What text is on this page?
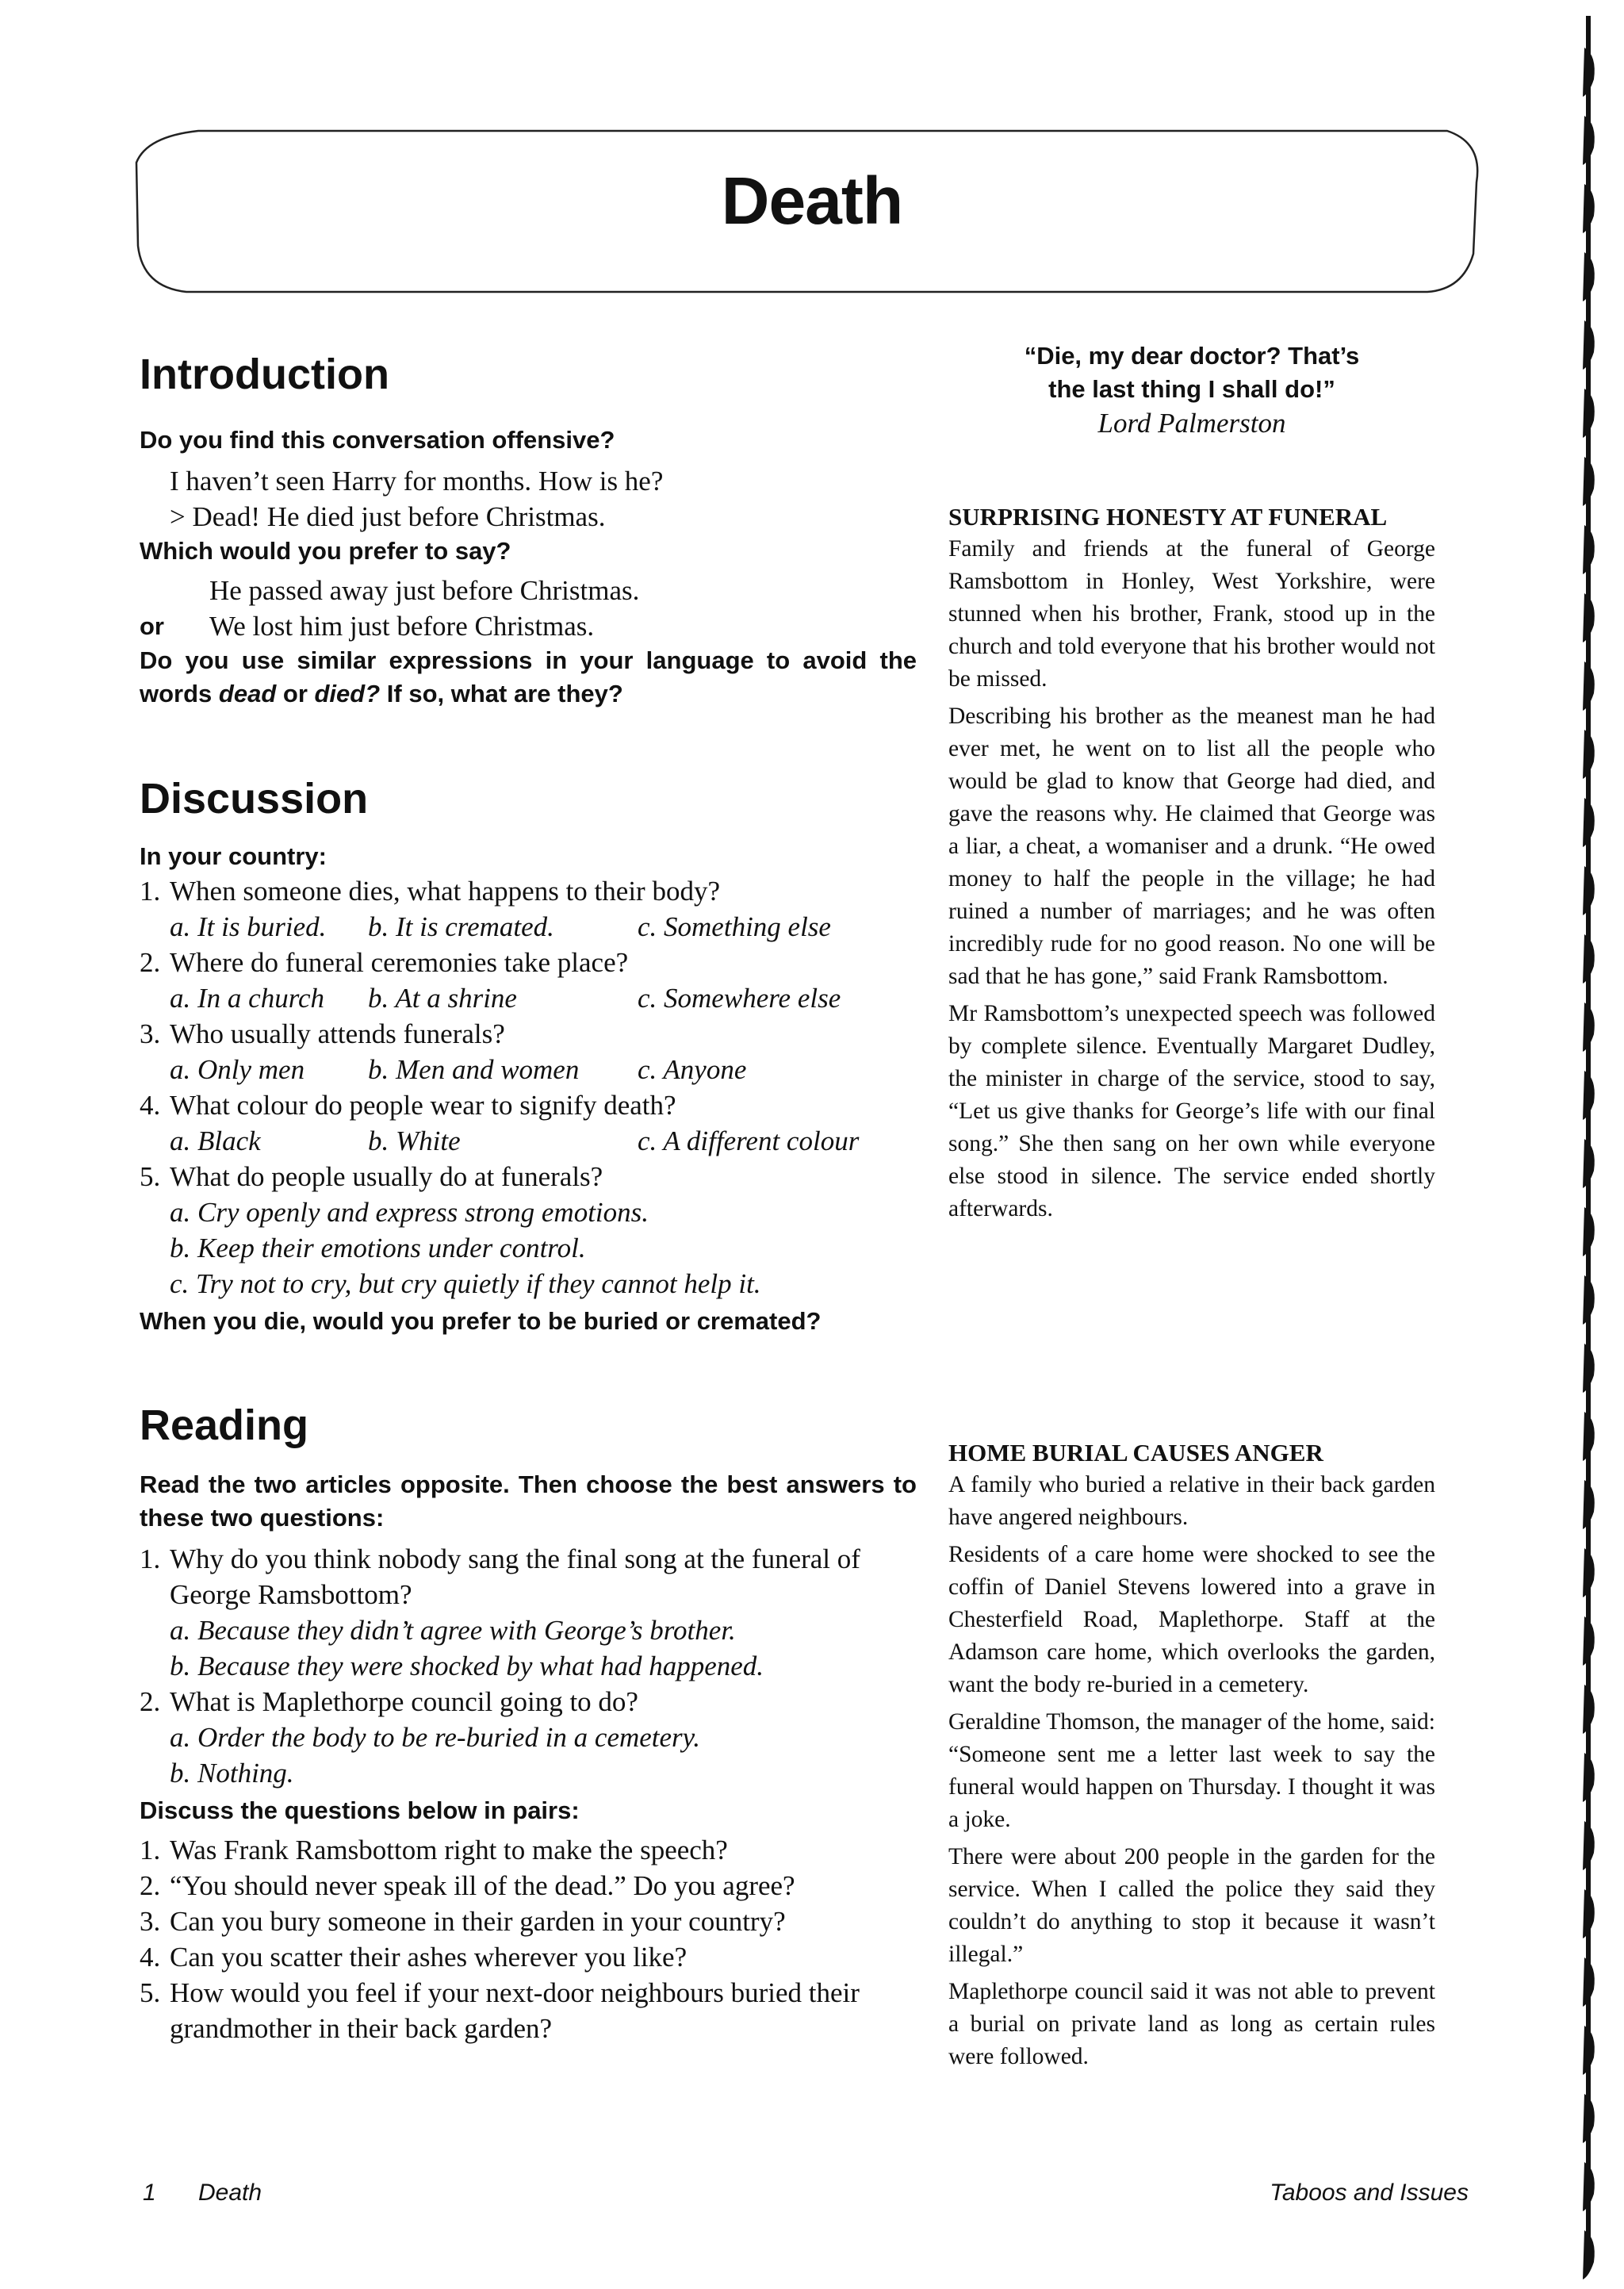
Death
Introduction

Do you find this conversation offensive?

I haven’t seen Harry for months. How is he?

> Dead! He died just before Christmas.

Which would you prefer to say?

He passed away just before Christmas.

or	We lost him just before Christmas.

Do you use similar expressions in your language to avoid the words dead or died? If so, what are they?

Discussion

In your country:

1. When someone dies, what happens to their body?
a. It is buried.	b. It is cremated.	c. Something else
2. Where do funeral ceremonies take place?
a. In a church	b. At a shrine	c. Somewhere else
3. Who usually attends funerals?
a. Only men	b. Men and women	c. Anyone
4. What colour do people wear to signify death?
a. Black	b. White	c. A different colour
5. What do people usually do at funerals?
a. Cry openly and express strong emotions.
b. Keep their emotions under control.
c. Try not to cry, but cry quietly if they cannot help it.

When you die, would you prefer to be buried or cremated?

Reading

Read the two articles opposite. Then choose the best answers to these two questions:

1. Why do you think nobody sang the final song at the funeral of George Ramsbottom?
a. Because they didn’t agree with George’s brother.
b. Because they were shocked by what had happened.
2. What is Maplethorpe council going to do?
a. Order the body to be re-buried in a cemetery.
b. Nothing.

Discuss the questions below in pairs:

1. Was Frank Ramsbottom right to make the speech?
2. “You should never speak ill of the dead.” Do you agree?
3. Can you bury someone in their garden in your country?
4. Can you scatter their ashes wherever you like?
5. How would you feel if your next-door neighbours buried their grandmother in their back garden?
“Die, my dear doctor? That’s
the last thing I shall do!”
Lord Palmerston

SURPRISING HONESTY AT FUNERAL

Family and friends at the funeral of George Ramsbottom in Honley, West Yorkshire, were stunned when his brother, Frank, stood up in the church and told everyone that his brother would not be missed.

Describing his brother as the meanest man he had ever met, he went on to list all the people who would be glad to know that George had died, and gave the reasons why. He claimed that George was a liar, a cheat, a womaniser and a drunk. “He owed money to half the people in the village; he had ruined a number of marriages; and he was often incredibly rude for no good reason. No one will be sad that he has gone,” said Frank Ramsbottom.

Mr Ramsbottom’s unexpected speech was followed by complete silence. Eventually Margaret Dudley, the minister in charge of the service, stood to say, “Let us give thanks for George’s life with our final song.” She then sang on her own while everyone else stood in silence. The service ended shortly afterwards.

HOME BURIAL CAUSES ANGER

A family who buried a relative in their back garden have angered neighbours.

Residents of a care home were shocked to see the coffin of Daniel Stevens lowered into a grave in Chesterfield Road, Maplethorpe. Staff at the Adamson care home, which overlooks the garden, want the body re-buried in a cemetery.

Geraldine Thomson, the manager of the home, said: “Someone sent me a letter last week to say the funeral would happen on Thursday. I thought it was a joke.

There were about 200 people in the garden for the service. When I called the police they said they couldn’t do anything to stop it because it wasn’t illegal.”

Maplethorpe council said it was not able to prevent a burial on private land as long as certain rules were followed.

1 Death	Taboos and Issues
